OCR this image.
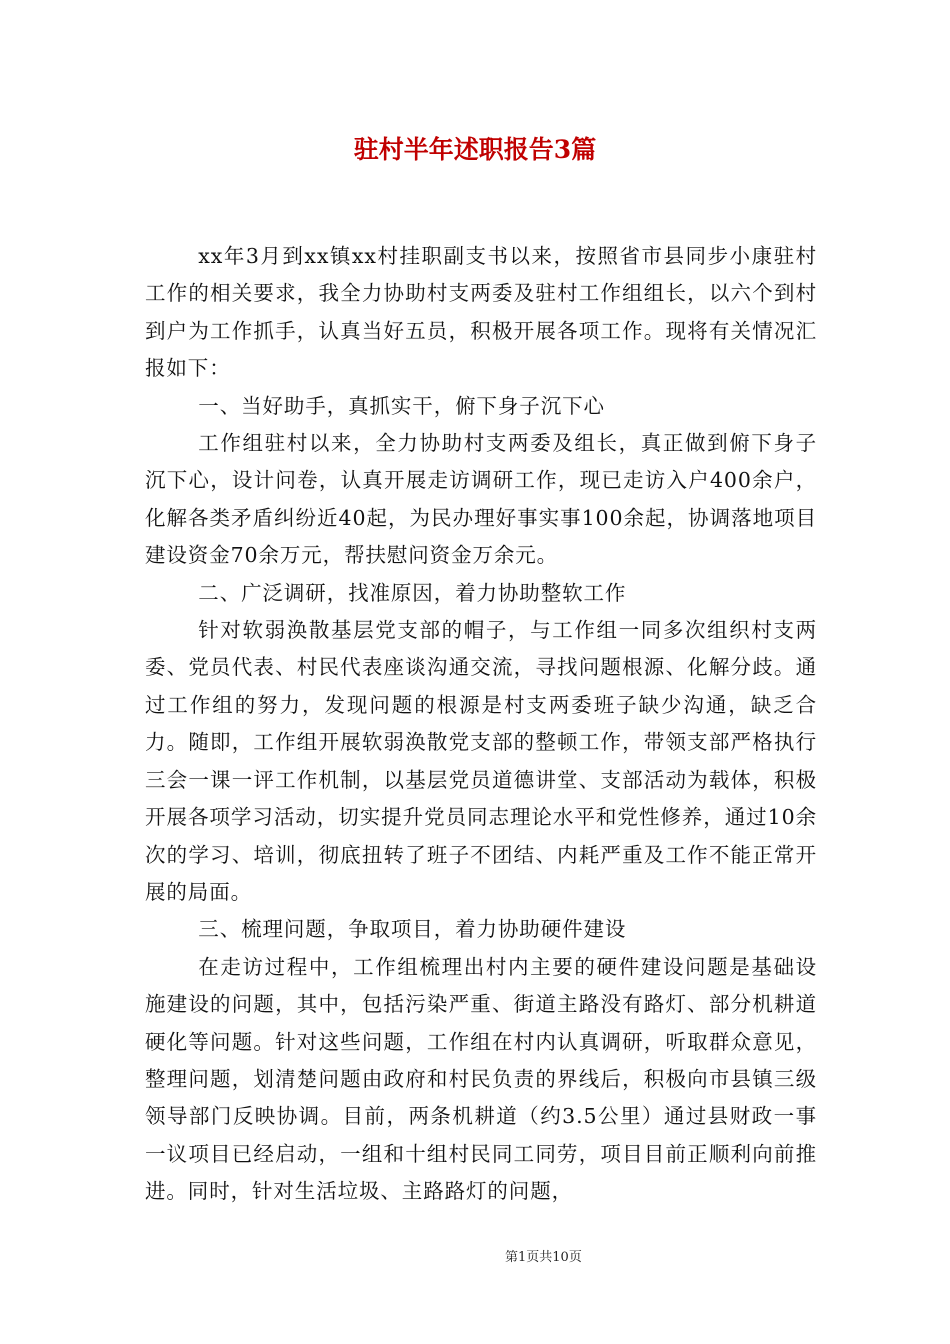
驻村半年述职报告3篇

xx年3月到xx镇xx村挂职副支书以来，按照省市县同步小康驻村工作的相关要求，我全力协助村支两委及驻村工作组组长，以六个到村到户为工作抓手，认真当好五员，积极开展各项工作。现将有关情况汇报如下：

一、当好助手，真抓实干，俯下身子沉下心

工作组驻村以来，全力协助村支两委及组长，真正做到俯下身子沉下心，设计问卷，认真开展走访调研工作，现已走访入户400余户，化解各类矛盾纠纷近40起，为民办理好事实事100余起，协调落地项目建设资金70余万元，帮扶慰问资金万余元。

二、广泛调研，找准原因，着力协助整软工作

针对软弱涣散基层党支部的帽子，与工作组一同多次组织村支两委、党员代表、村民代表座谈沟通交流，寻找问题根源、化解分歧。通过工作组的努力，发现问题的根源是村支两委班子缺少沟通，缺乏合力。随即，工作组开展软弱涣散党支部的整顿工作，带领支部严格执行三会一课一评工作机制，以基层党员道德讲堂、支部活动为载体，积极开展各项学习活动，切实提升党员同志理论水平和党性修养，通过10余次的学习、培训，彻底扭转了班子不团结、内耗严重及工作不能正常开展的局面。

三、梳理问题，争取项目，着力协助硬件建设

在走访过程中，工作组梳理出村内主要的硬件建设问题是基础设施建设的问题，其中，包括污染严重、街道主路没有路灯、部分机耕道硬化等问题。针对这些问题，工作组在村内认真调研，听取群众意见，整理问题，划清楚问题由政府和村民负责的界线后，积极向市县镇三级领导部门反映协调。目前，两条机耕道（约3.5公里）通过县财政一事一议项目已经启动，一组和十组村民同工同劳，项目目前正顺利向前推进。同时，针对生活垃圾、主路路灯的问题，

第1页共10页
